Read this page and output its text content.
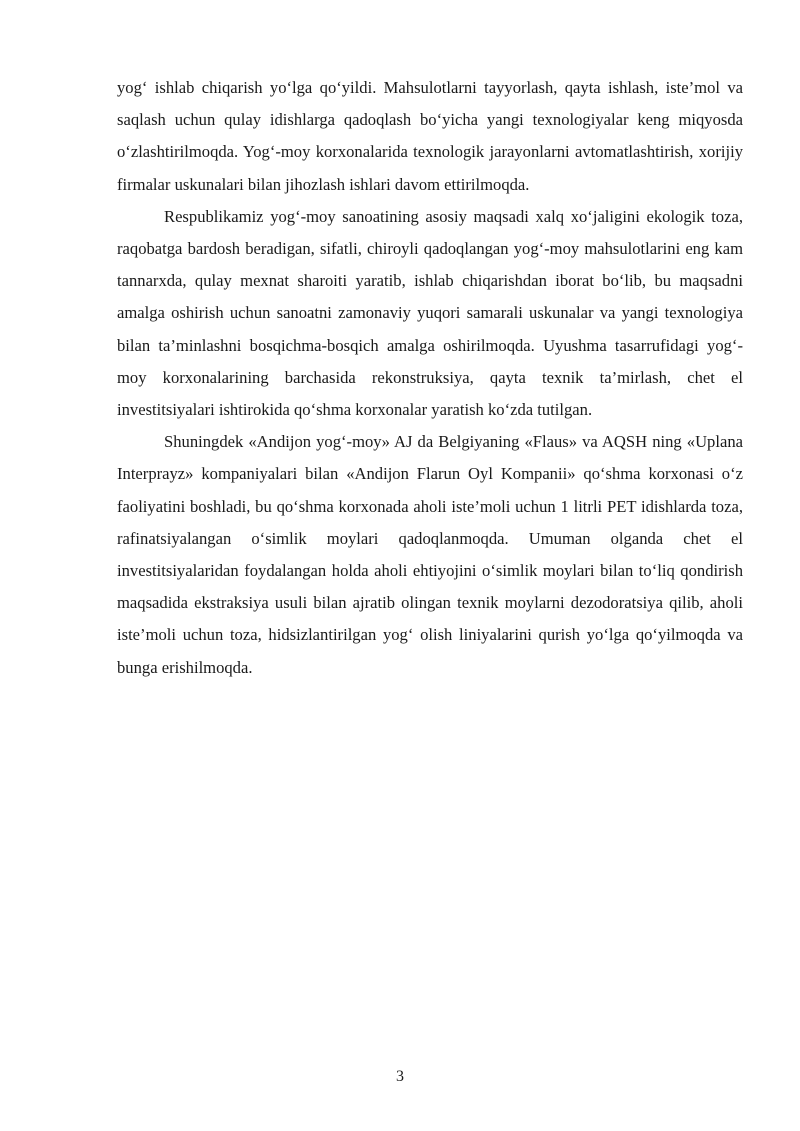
yog‘ ishlab chiqarish yo‘lga qo‘yildi. Mahsulotlarni tayyorlash, qayta ishlash, iste’mol va saqlash uchun qulay idishlarga qadoqlash bo‘yicha yangi texnologiyalar keng miqyosda o‘zlashtirilmoqda. Yog‘-moy korxonalarida texnologik jarayonlarni avtomatlashtirish, xorijiy firmalar uskunalari bilan jihozlash ishlari davom ettirilmoqda.

Respublikamiz yog‘-moy sanoatining asosiy maqsadi xalq xo‘jaligini ekologik toza, raqobatga bardosh beradigan, sifatli, chiroyli qadoqlangan yog‘-moy mahsulotlarini eng kam tannarxda, qulay mexnat sharoiti yaratib, ishlab chiqarishdan iborat bo‘lib, bu maqsadni amalga oshirish uchun sanoatni zamonaviy yuqori samarali uskunalar va yangi texnologiya bilan ta’minlashni bosqichma-bosqich amalga oshirilmoqda. Uyushma tasarrufidagi yog‘-moy korxonalarining barchasida rekonstruksiya, qayta texnik ta’mirlash, chet el investitsiyalari ishtirokida qo‘shma korxonalar yaratish ko‘zda tutilgan.

Shuningdek «Andijon yog‘-moy» AJ da Belgiyaning «Flaus» va AQSH ning «Uplana Interprayz» kompaniyalari bilan «Andijon Flarun Oyl Kompanii» qo‘shma korxonasi o‘z faoliyatini boshladi, bu qo‘shma korxonada aholi iste’moli uchun 1 litrli PET idishlarda toza, rafinatsiyalangan o‘simlik moylari qadoqlanmoqda. Umuman olganda chet el investitsiyalaridan foydalangan holda aholi ehtiyojini o‘simlik moylari bilan to‘liq qondirish maqsadida ekstraksiya usuli bilan ajratib olingan texnik moylarni dezodoratsiya qilib, aholi iste’moli uchun toza, hidsizlantirilgan yog‘ olish liniyalarini qurish yo‘lga qo‘yilmoqda va bunga erishilmoqda.

3
